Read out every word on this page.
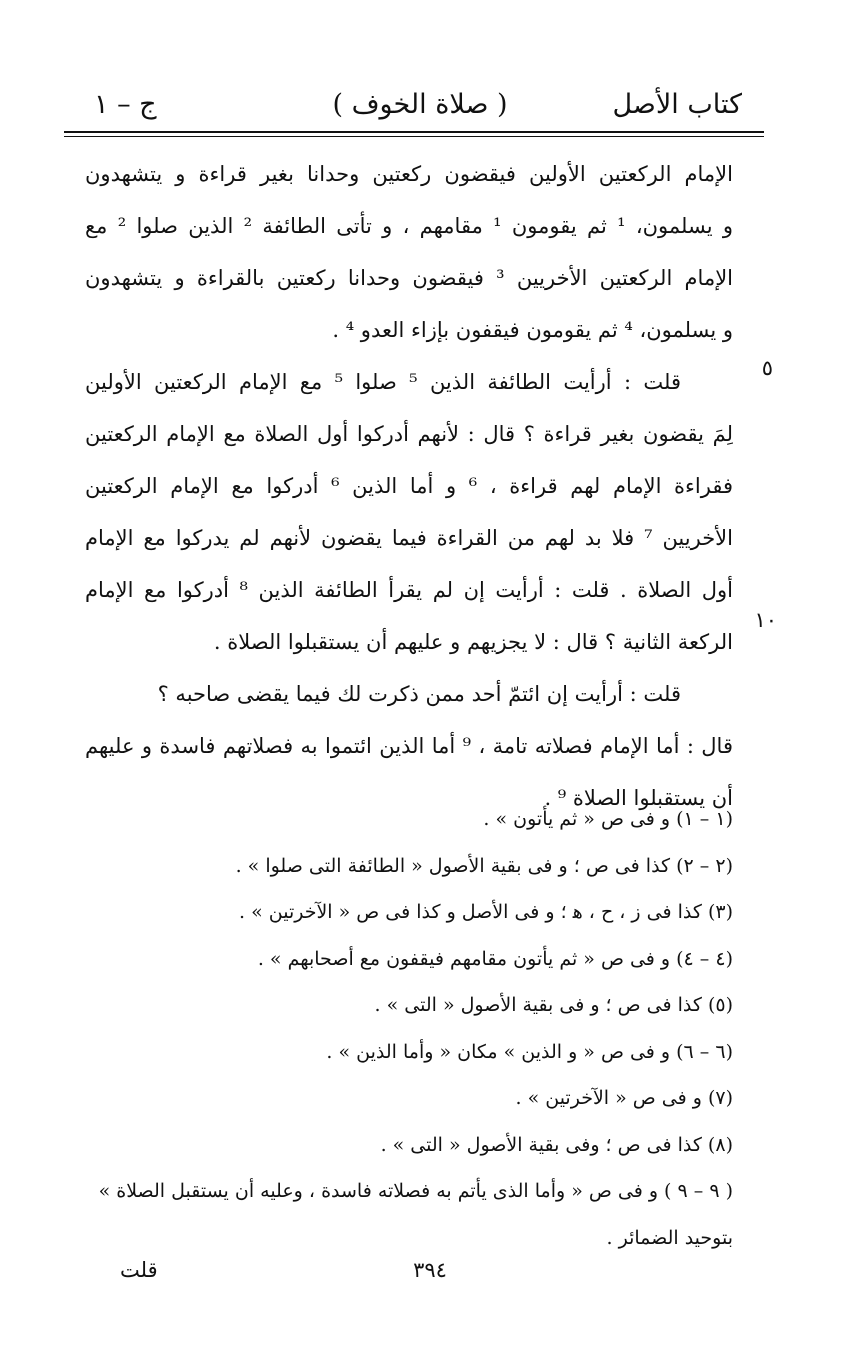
كتاب الأصل
( صلاة الخوف )
ج – ١
الإمام الركعتين الأولين فيقضون ركعتين وحدانا بغير قراءة و يتشهدون
و يسلمون، ¹ ثم يقومون ¹ مقامهم ، و تأتى الطائفة ² الذين صلوا ² مع
الإمام الركعتين الأخريين ³ فيقضون وحدانا ركعتين بالقراءة و يتشهدون
و يسلمون، ⁴ ثم يقومون فيقفون بإزاء العدو ⁴ .
قلت : أرأيت الطائفة الذين ⁵ صلوا ⁵ مع الإمام الركعتين الأولين
لِمَ يقضون بغير قراءة ؟ قال : لأنهم أدركوا أول الصلاة مع الإمام الركعتين
فقراءة الإمام لهم قراءة ، ⁶ و أما الذين ⁶ أدركوا مع الإمام الركعتين
الأخريين ⁷ فلا بد لهم من القراءة فيما يقضون لأنهم لم يدركوا مع الإمام
أول الصلاة . قلت : أرأيت إن لم يقرأ الطائفة الذين ⁸ أدركوا مع الإمام
الركعة الثانية ؟ قال : لا يجزيهم و عليهم أن يستقبلوا الصلاة .
قلت : أرأيت إن ائتمّ أحد ممن ذكرت لك فيما يقضى صاحبه ؟
قال : أما الإمام فصلاته تامة ، ⁹ أما الذين ائتموا به فصلاتهم فاسدة و عليهم
أن يستقبلوا الصلاة ⁹ .
٥
١٠
(١ – ١) و فى ص « ثم يأتون » .
(٢ – ٢) كذا فى ص ؛ و فى بقية الأصول « الطائفة التى صلوا » .
(٣) كذا فى ز ، ح ، ﻫ ؛ و فى الأصل و كذا فى ص « الآخرتين » .
(٤ – ٤) و فى ص « ثم يأتون مقامهم فيقفون مع أصحابهم » .
(٥) كذا فى ص ؛ و فى بقية الأصول « التى » .
(٦ – ٦) و فى ص « و الذين » مكان « وأما الذين » .
(٧) و فى ص « الآخرتين » .
(٨) كذا فى ص ؛ وفى بقية الأصول « التى » .
( ٩ – ٩ ) و فى ص « وأما الذى يأتم به فصلاته فاسدة ، وعليه أن يستقبل الصلاة »
بتوحيد الضمائر .
٣٩٤
قلت
